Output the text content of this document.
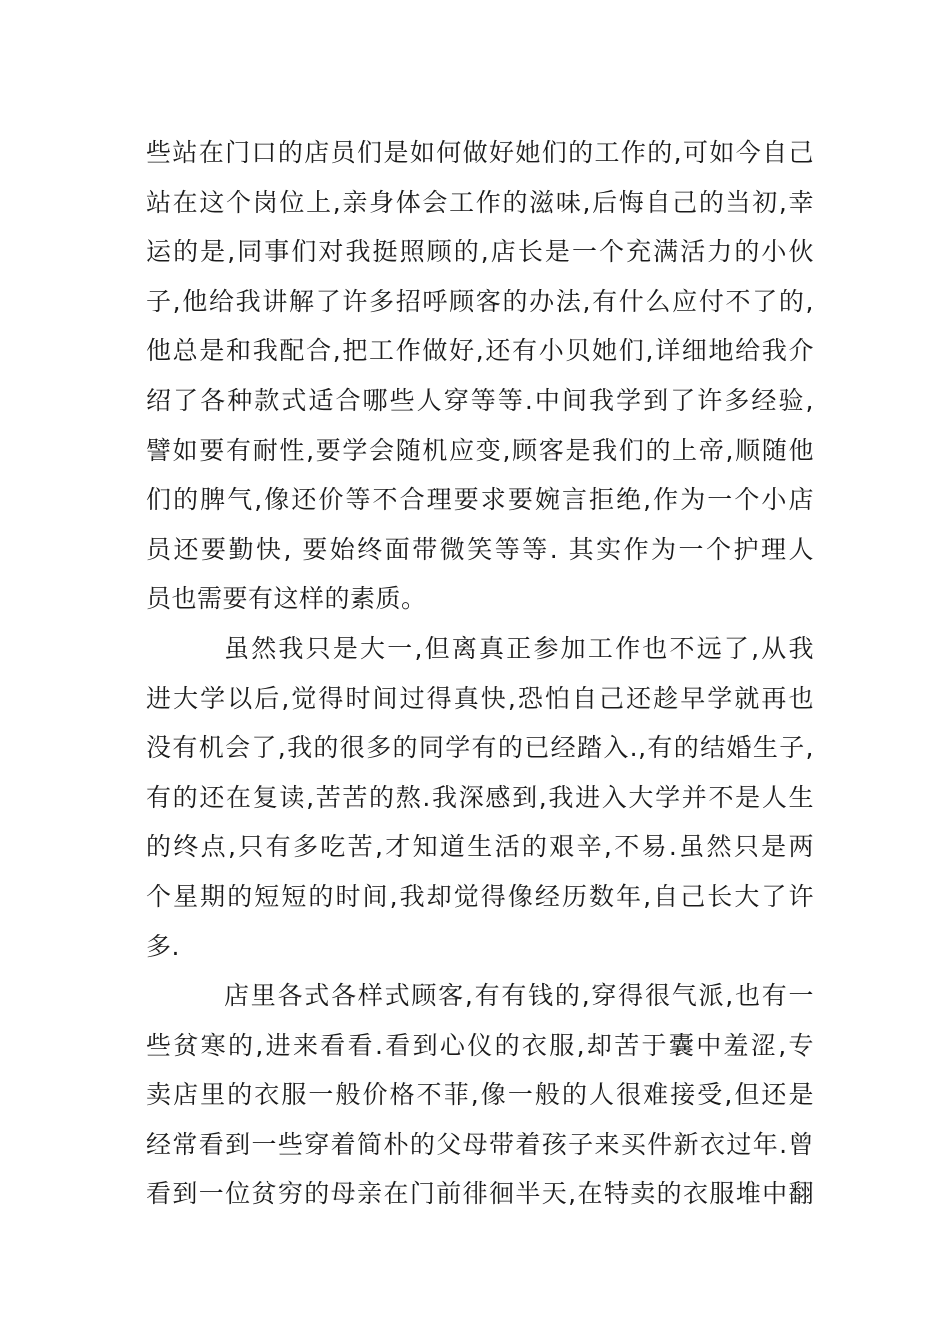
些站在门口的店员们是如何做好她们的工作的,可如今自己
站在这个岗位上,亲身体会工作的滋味,后悔自己的当初,幸
运的是,同事们对我挺照顾的,店长是一个充满活力的小伙
子,他给我讲解了许多招呼顾客的办法,有什么应付不了的,
他总是和我配合,把工作做好,还有小贝她们,详细地给我介
绍了各种款式适合哪些人穿等等.中间我学到了许多经验,
譬如要有耐性,要学会随机应变,顾客是我们的上帝,顺随他
们的脾气,像还价等不合理要求要婉言拒绝,作为一个小店
员还要勤快, 要始终面带微笑等等. 其实作为一个护理人
员也需要有这样的素质。
虽然我只是大一,但离真正参加工作也不远了,从我
进大学以后,觉得时间过得真快,恐怕自己还趁早学就再也
没有机会了,我的很多的同学有的已经踏入.,有的结婚生子,
有的还在复读,苦苦的熬.我深感到,我进入大学并不是人生
的终点,只有多吃苦,才知道生活的艰辛,不易.虽然只是两
个星期的短短的时间,我却觉得像经历数年,自己长大了许
多.
店里各式各样式顾客,有有钱的,穿得很气派,也有一
些贫寒的,进来看看.看到心仪的衣服,却苦于囊中羞涩,专
卖店里的衣服一般价格不菲,像一般的人很难接受,但还是
经常看到一些穿着简朴的父母带着孩子来买件新衣过年.曾
看到一位贫穷的母亲在门前徘徊半天,在特卖的衣服堆中翻
